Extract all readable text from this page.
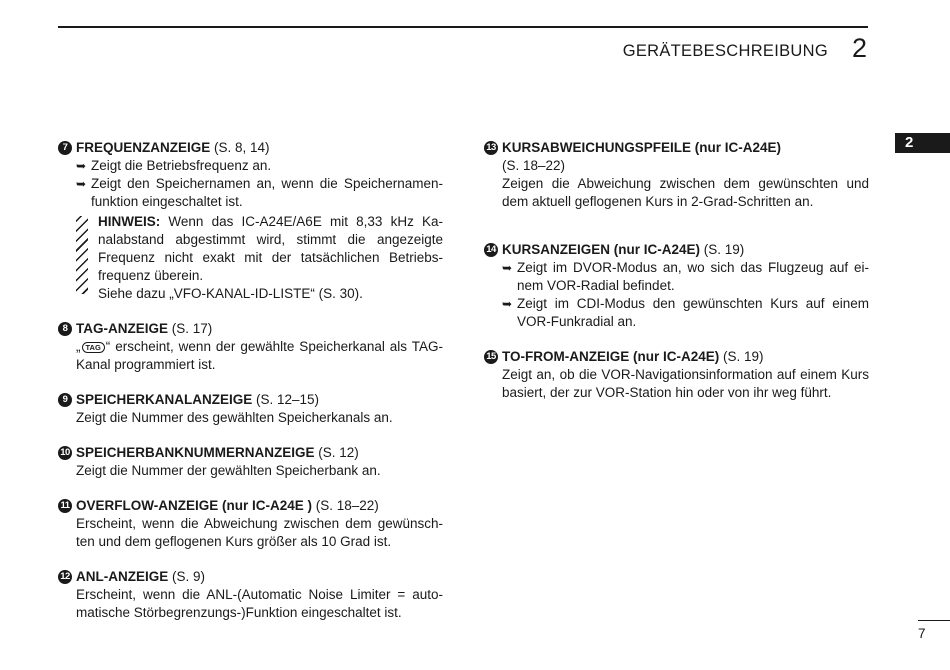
GERÄTEBESCHREIBUNG 2
2
7 FREQUENZANZEIGE (S. 8, 14)
➥ Zeigt die Betriebsfrequenz an.
➥ Zeigt den Speichernamen an, wenn die Speichernamen-funktion eingeschaltet ist.
HINWEIS: Wenn das IC-A24E/A6E mit 8,33 kHz Ka-nalabstand abgestimmt wird, stimmt die angezeigte Frequenz nicht exakt mit der tatsächlichen Betriebs-frequenz überein.
Siehe dazu „VFO-KANAL-ID-LISTE“ (S. 30).
8 TAG-ANZEIGE (S. 17)
„ TAG “ erscheint, wenn der gewählte Speicherkanal als TAG-Kanal programmiert ist.
9 SPEICHERKANALANZEIGE (S. 12–15)
Zeigt die Nummer des gewählten Speicherkanals an.
10 SPEICHERBANKNUMMERNANZEIGE (S. 12)
Zeigt die Nummer der gewählten Speicherbank an.
11 OVERFLOW-ANZEIGE (nur IC-A24E ) (S. 18–22)
Erscheint, wenn die Abweichung zwischen dem gewünsch-ten und dem geflogenen Kurs größer als 10 Grad ist.
12 ANL-ANZEIGE (S. 9)
Erscheint, wenn die ANL-(Automatic Noise Limiter = auto-matische Störbegrenzungs-)Funktion eingeschaltet ist.
13 KURSABWEICHUNGSPFEILE (nur IC-A24E)
(S. 18–22)
Zeigen die Abweichung zwischen dem gewünschten und dem aktuell geflogenen Kurs in 2-Grad-Schritten an.
14 KURSANZEIGEN (nur IC-A24E) (S. 19)
➥ Zeigt im DVOR-Modus an, wo sich das Flugzeug auf ei-nem VOR-Radial befindet.
➥ Zeigt im CDI-Modus den gewünschten Kurs auf einem VOR-Funkradial an.
15 TO-FROM-ANZEIGE (nur IC-A24E) (S. 19)
Zeigt an, ob die VOR-Navigationsinformation auf einem Kurs basiert, der zur VOR-Station hin oder von ihr weg führt.
7
